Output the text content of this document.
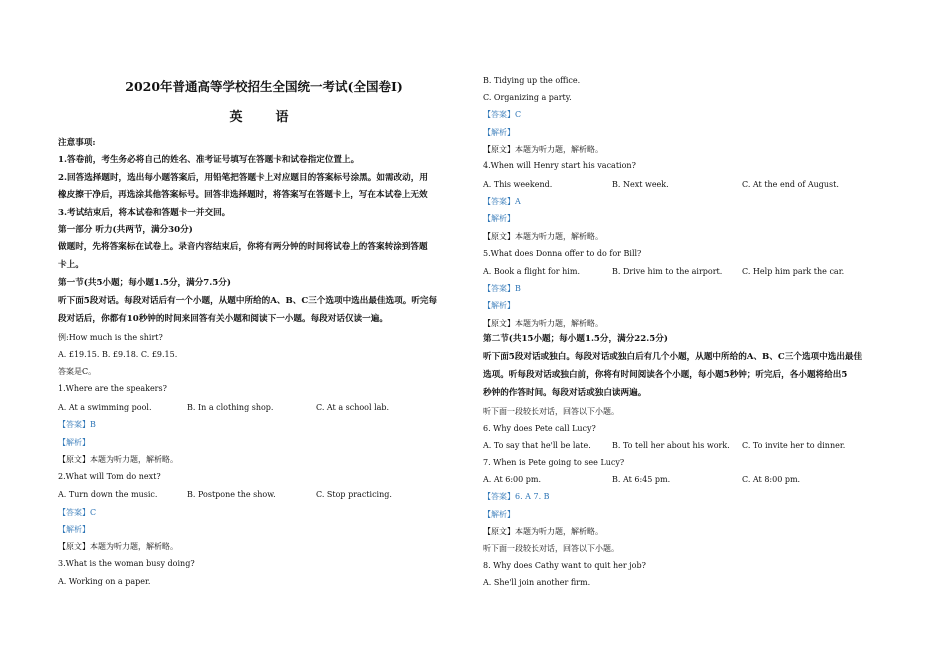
2020年普通高等学校招生全国统一考试(全国卷I)
英　语
注意事项:
1.答卷前，考生务必将自己的姓名、准考证号填写在答题卡和试卷指定位置上。
2.回答选择题时，选出每小题答案后，用铅笔把答题卡上对应题目的答案标号涂黑。如需改动，用
橡皮擦干净后，再选涂其他答案标号。回答非选择题时，将答案写在答题卡上，写在本试卷上无效
3.考试结束后，将本试卷和答题卡一并交回。
第一部分 听力(共两节，满分30分)
做题时，先将答案标在试卷上。录音内容结束后，你将有两分钟的时间将试卷上的答案转涂到答题
卡上。
第一节(共5小题；每小题1.5分，满分7.5分)
听下面5段对话。每段对话后有一个小题，从题中所给的A、B、C三个选项中选出最佳选项。听完每
段对话后，你都有10秒钟的时间来回答有关小题和阅读下一小题。每段对话仅读一遍。
例:How much is the shirt?
A. £19.15. B. £9.18. C. £9.15.
答案是C。
1.Where are the speakers?
A. At a swimming pool.	B. In a clothing shop.	C. At a school lab.
【答案】B
【解析】
【原文】本题为听力题，解析略。
2.What will Tom do next?
A. Turn down the music.	B. Postpone the show.	C. Stop practicing.
【答案】C
【解析】
【原文】本题为听力题，解析略。
3.What is the woman busy doing?
A. Working on a paper.
B. Tidying up the office.
C. Organizing a party.
【答案】C
【解析】
【原文】本题为听力题，解析略。
4.When will Henry start his vacation?
A. This weekend.	B. Next week.	C. At the end of August.
【答案】A
【解析】
【原文】本题为听力题，解析略。
5.What does Donna offer to do for Bill?
A. Book a flight for him.	B. Drive him to the airport. C. Help him park the car.
【答案】B
【解析】
【原文】本题为听力题，解析略。
第二节(共15小题；每小题1.5分，满分22.5分)
听下面5段对话或独白。每段对话或独白后有几个小题，从题中所给的A、B、C三个选项中选出最佳
选项。听每段对话或独白前，你将有时间阅读各个小题，每小题5秒钟；听完后，各小题将给出5
秒钟的作答时间。每段对话或独白读两遍。
听下面一段较长对话，回答以下小题。
6. Why does Pete call Lucy?
A. To say that he'll be late.	B. To tell her about his work. C. To invite her to dinner.
7. When is Pete going to see Lucy?
A. At 6:00 pm.	B. At 6:45 pm.	C. At 8:00 pm.
【答案】6. A 7. B
【解析】
【原文】本题为听力题，解析略。
听下面一段较长对话，回答以下小题。
8. Why does Cathy want to quit her job?
A. She'll join another firm.
